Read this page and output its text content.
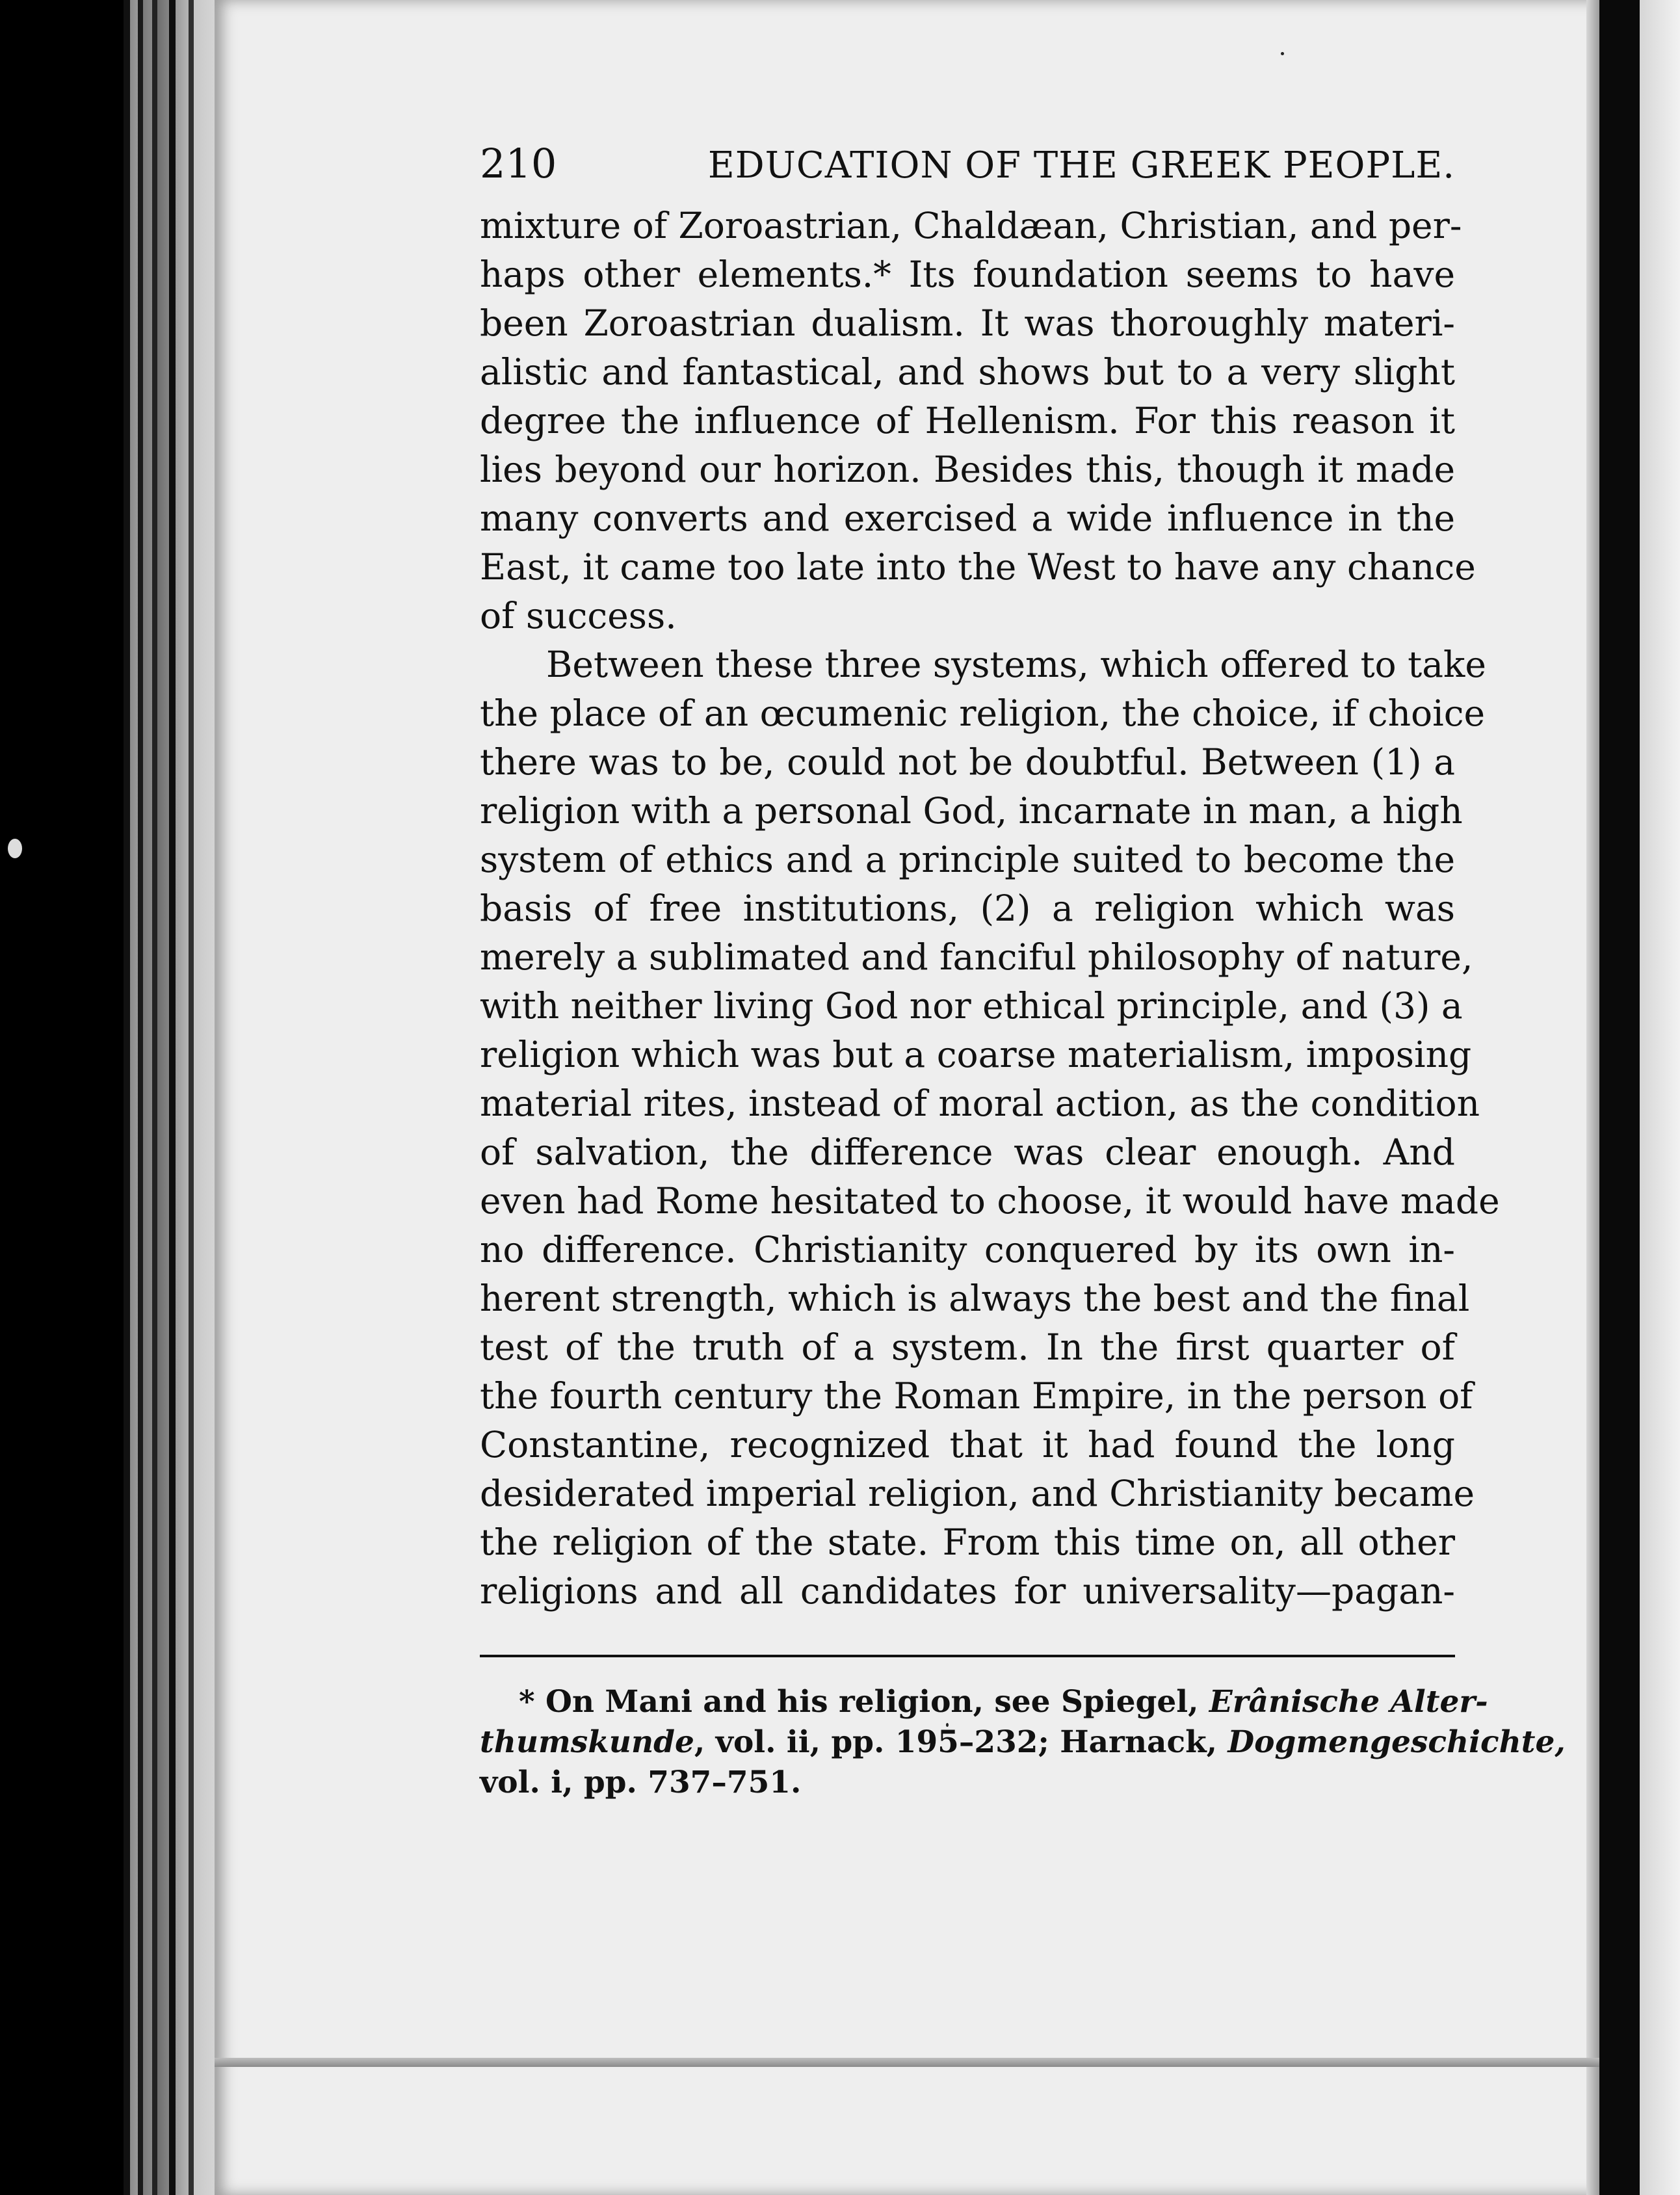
210	EDUCATION OF THE GREEK PEOPLE.
mixture of Zoroastrian, Chaldæan, Christian, and per-
haps other elements.* Its foundation seems to have
been Zoroastrian dualism. It was thoroughly materi-
alistic and fantastical, and shows but to a very slight
degree the influence of Hellenism. For this reason it
lies beyond our horizon. Besides this, though it made
many converts and exercised a wide influence in the
East, it came too late into the West to have any chance
of success.
Between these three systems, which offered to take
the place of an œcumenic religion, the choice, if choice
there was to be, could not be doubtful. Between (1) a
religion with a personal God, incarnate in man, a high
system of ethics and a principle suited to become the
basis of free institutions, (2) a religion which was
merely a sublimated and fanciful philosophy of nature,
with neither living God nor ethical principle, and (3) a
religion which was but a coarse materialism, imposing
material rites, instead of moral action, as the condition
of salvation, the difference was clear enough. And
even had Rome hesitated to choose, it would have made
no difference. Christianity conquered by its own in-
herent strength, which is always the best and the final
test of the truth of a system. In the first quarter of
the fourth century the Roman Empire, in the person of
Constantine, recognized that it had found the long
desiderated imperial religion, and Christianity became
the religion of the state. From this time on, all other
religions and all candidates for universality—pagan-
* On Mani and his religion, see Spiegel, Erânische Alter-
thumskunde, vol. ii, pp. 195–232; Harnack, Dogmengeschichte,
vol. i, pp. 737–751.
